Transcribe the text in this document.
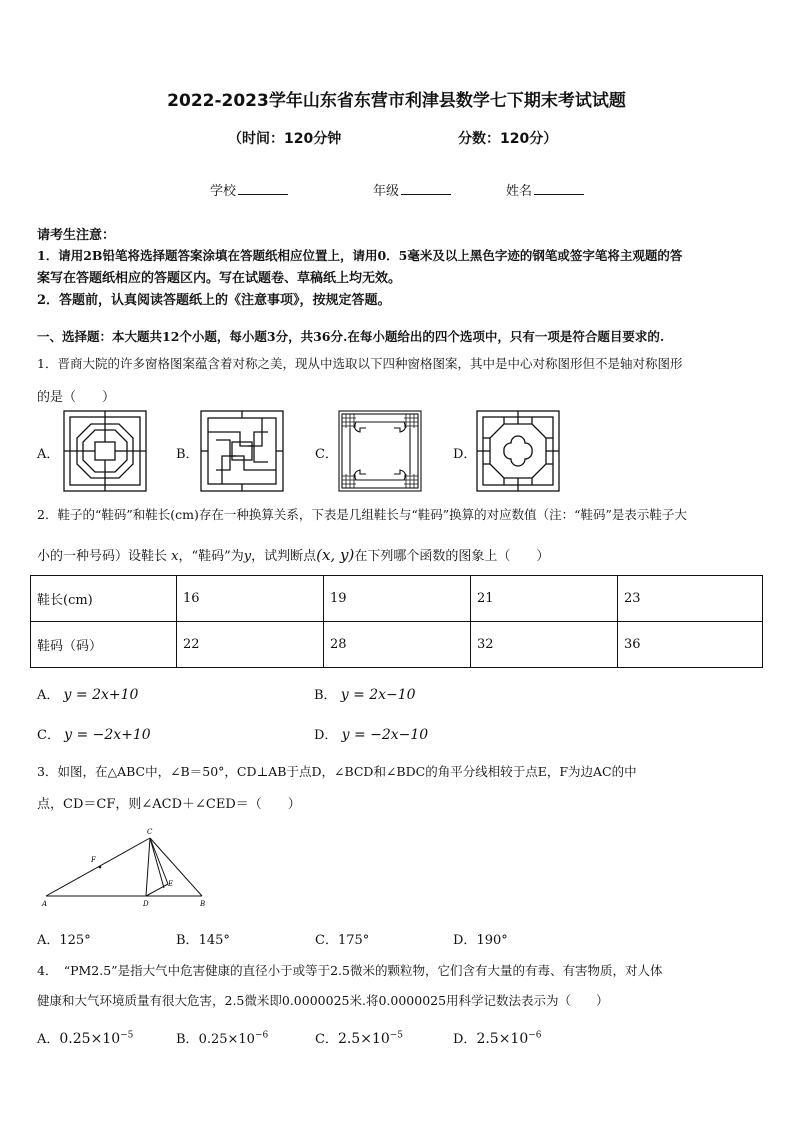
2022-2023学年山东省东营市利津县数学七下期末考试试题
（时间：120分钟	分数：120分）
学校	年级	姓名
请考生注意：
1．请用2B铅笔将选择题答案涂填在答题纸相应位置上，请用0．5毫米及以上黑色字迹的钢笔或签字笔将主观题的答
案写在答题纸相应的答题区内。写在试题卷、草稿纸上均无效。
2．答题前，认真阅读答题纸上的《注意事项》，按规定答题。
一、选择题：本大题共12个小题，每小题3分，共36分.在每小题给出的四个选项中，只有一项是符合题目要求的.
1．晋商大院的许多窗格图案蕴含着对称之美，现从中选取以下四种窗格图案，其中是中心对称图形但不是轴对称图形
的是（　　）
A．	B．	C．	D．
2．鞋子的“鞋码”和鞋长(cm)存在一种换算关系，下表是几组鞋长与“鞋码”换算的对应数值（注：“鞋码”是表示鞋子大
小的一种号码）设鞋长 x，“鞋码”为y，试判断点(x, y)在下列哪个函数的图象上（　　）
鞋长(cm)	16	19	21	23
鞋码（码）	22	28	32	36
A． y = 2x+10	B． y = 2x−10
C． y = −2x+10	D． y = −2x−10
3．如图，在△ABC中，∠B＝50°，CD⊥AB于点D，∠BCD和∠BDC的角平分线相较于点E，F为边AC的中
点，CD＝CF，则∠ACD＋∠CED＝（　　）
A	B
C
D
E
F
A．125°	B．145°	C．175°	D．190°
4．　“PM2.5”是指大气中危害健康的直径小于或等于2.5微米的颗粒物，它们含有大量的有毒、有害物质，对人体
健康和大气环境质量有很大危害，2.5微米即0.0000025米.将0.0000025用科学记数法表示为（　　）
A．$0.25\times 10^{-5}$	B．$0.25\times 10^{-6}$	C．$2.5\times 10^{-5}$	D．$2.5\times 10^{-6}$
